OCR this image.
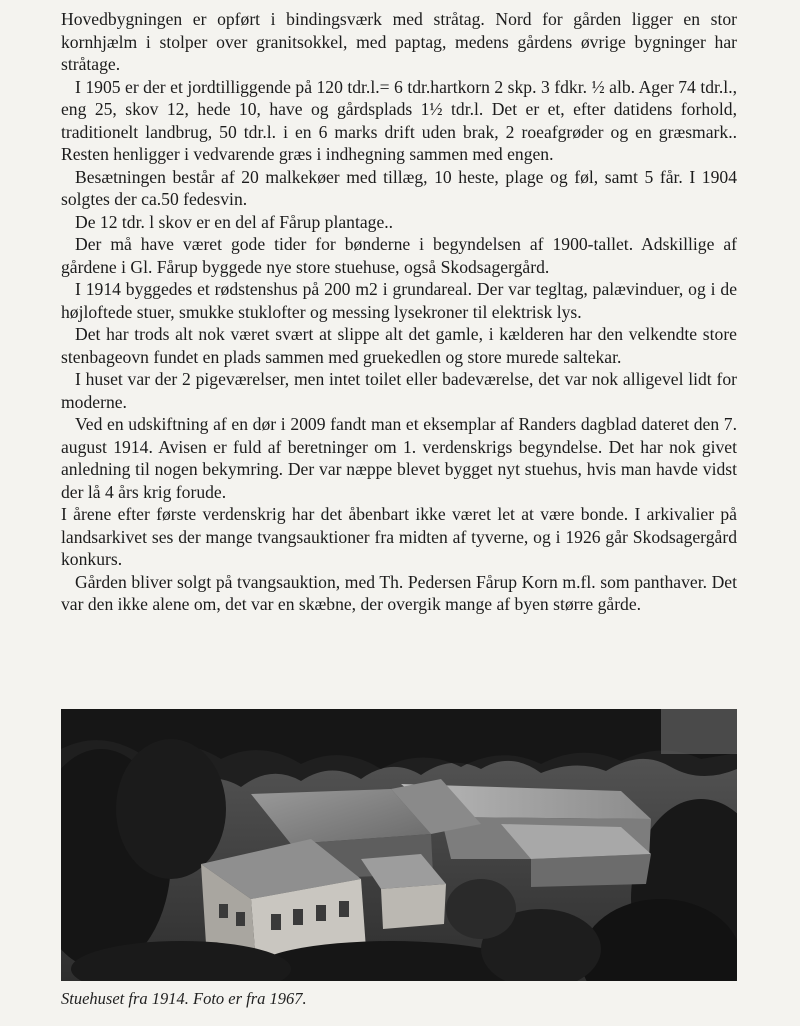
Hovedbygningen er opført i bindingsværk med stråtag. Nord for gården ligger en stor kornhjælm i stolper over granitsokkel, med paptag, medens gårdens øvrige bygninger har stråtage.

I 1905 er der et jordtilliggende på 120 tdr.l.= 6 tdr.hartkorn 2 skp. 3 fdkr. ½ alb. Ager 74 tdr.l., eng 25, skov 12, hede 10, have og gårdsplads 1½ tdr.l. Det er et, efter datidens forhold, traditionelt landbrug, 50 tdr.l. i en 6 marks drift uden brak, 2 roeafgrøder og en græsmark.. Resten henligger i vedvarende græs i indhegning sammen med engen.

Besætningen består af 20 malkekøer med tillæg, 10 heste, plage og føl, samt 5 får. I 1904 solgtes der ca.50 fedesvin.

De 12 tdr. l skov er en del af Fårup plantage..

Der må have været gode tider for bønderne i begyndelsen af 1900-tallet. Adskillige af gårdene i Gl. Fårup byggede nye store stuehuse, også Skodsagergård.

I 1914 byggedes et rødstenshus på 200 m2 i grundareal. Der var tegltag, palævinduer, og i de højloftede stuer, smukke stuklofter og messing lysekroner til elektrisk lys.

Det har trods alt nok været svært at slippe alt det gamle, i kælderen har den velkendte store stenbageovn fundet en plads sammen med gruekedlen og store murede saltekar.

I huset var der 2 pigeværelser, men intet toilet eller badeværelse, det var nok alligevel lidt for moderne.

Ved en udskiftning af en dør i 2009 fandt man et eksemplar af Randers dagblad dateret den 7. august 1914. Avisen er fuld af beretninger om 1. verdenskrigs begyndelse. Det har nok givet anledning til nogen bekymring. Der var næppe blevet bygget nyt stuehus, hvis man havde vidst der lå 4 års krig forude.

I årene efter første verdenskrig har det åbenbart ikke været let at være bonde. I arkivalier på landsarkivet ses der mange tvangsauktioner fra midten af tyverne, og i 1926 går Skodsagergård konkurs.

Gården bliver solgt på tvangsauktion, med Th. Pedersen Fårup Korn m.fl. som panthaver. Det var den ikke alene om, det var en skæbne, der overgik mange af byen større gårde.

Stuehuset fra 1914. Foto er fra 1967.
